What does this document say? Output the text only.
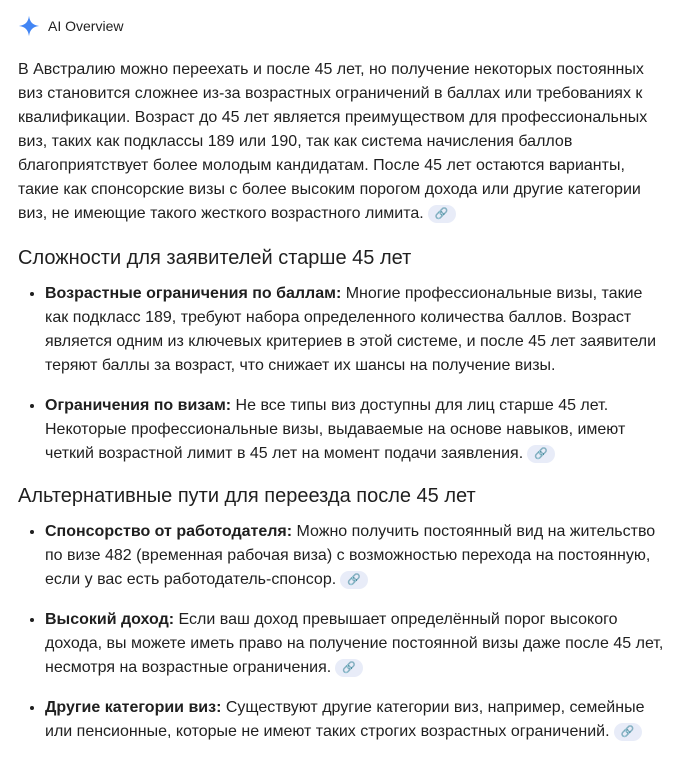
AI Overview

В Австралию можно переехать и после 45 лет, но получение некоторых постоянных виз становится сложнее из-за возрастных ограничений в баллах или требованиях к квалификации. Возраст до 45 лет является преимуществом для профессиональных виз, таких как подклассы 189 или 190, так как система начисления баллов благоприятствует более молодым кандидатам. После 45 лет остаются варианты, такие как спонсорские визы с более высоким порогом дохода или другие категории виз, не имеющие такого жесткого возрастного лимита. 🔗

Сложности для заявителей старше 45 лет
• Возрастные ограничения по баллам: Многие профессиональные визы, такие как подкласс 189, требуют набора определенного количества баллов. Возраст является одним из ключевых критериев в этой системе, и после 45 лет заявители теряют баллы за возраст, что снижает их шансы на получение визы.
• Ограничения по визам: Не все типы виз доступны для лиц старше 45 лет. Некоторые профессиональные визы, выдаваемые на основе навыков, имеют четкий возрастной лимит в 45 лет на момент подачи заявления. 🔗
Альтернативные пути для переезда после 45 лет
• Спонсорство от работодателя: Можно получить постоянный вид на жительство по визе 482 (временная рабочая виза) с возможностью перехода на постоянную, если у вас есть работодатель-спонсор. 🔗
• Высокий доход: Если ваш доход превышает определённый порог высокого дохода, вы можете иметь право на получение постоянной визы даже после 45 лет, несмотря на возрастные ограничения. 🔗
• Другие категории виз: Существуют другие категории виз, например, семейные или пенсионные, которые не имеют таких строгих возрастных ограничений. 🔗
